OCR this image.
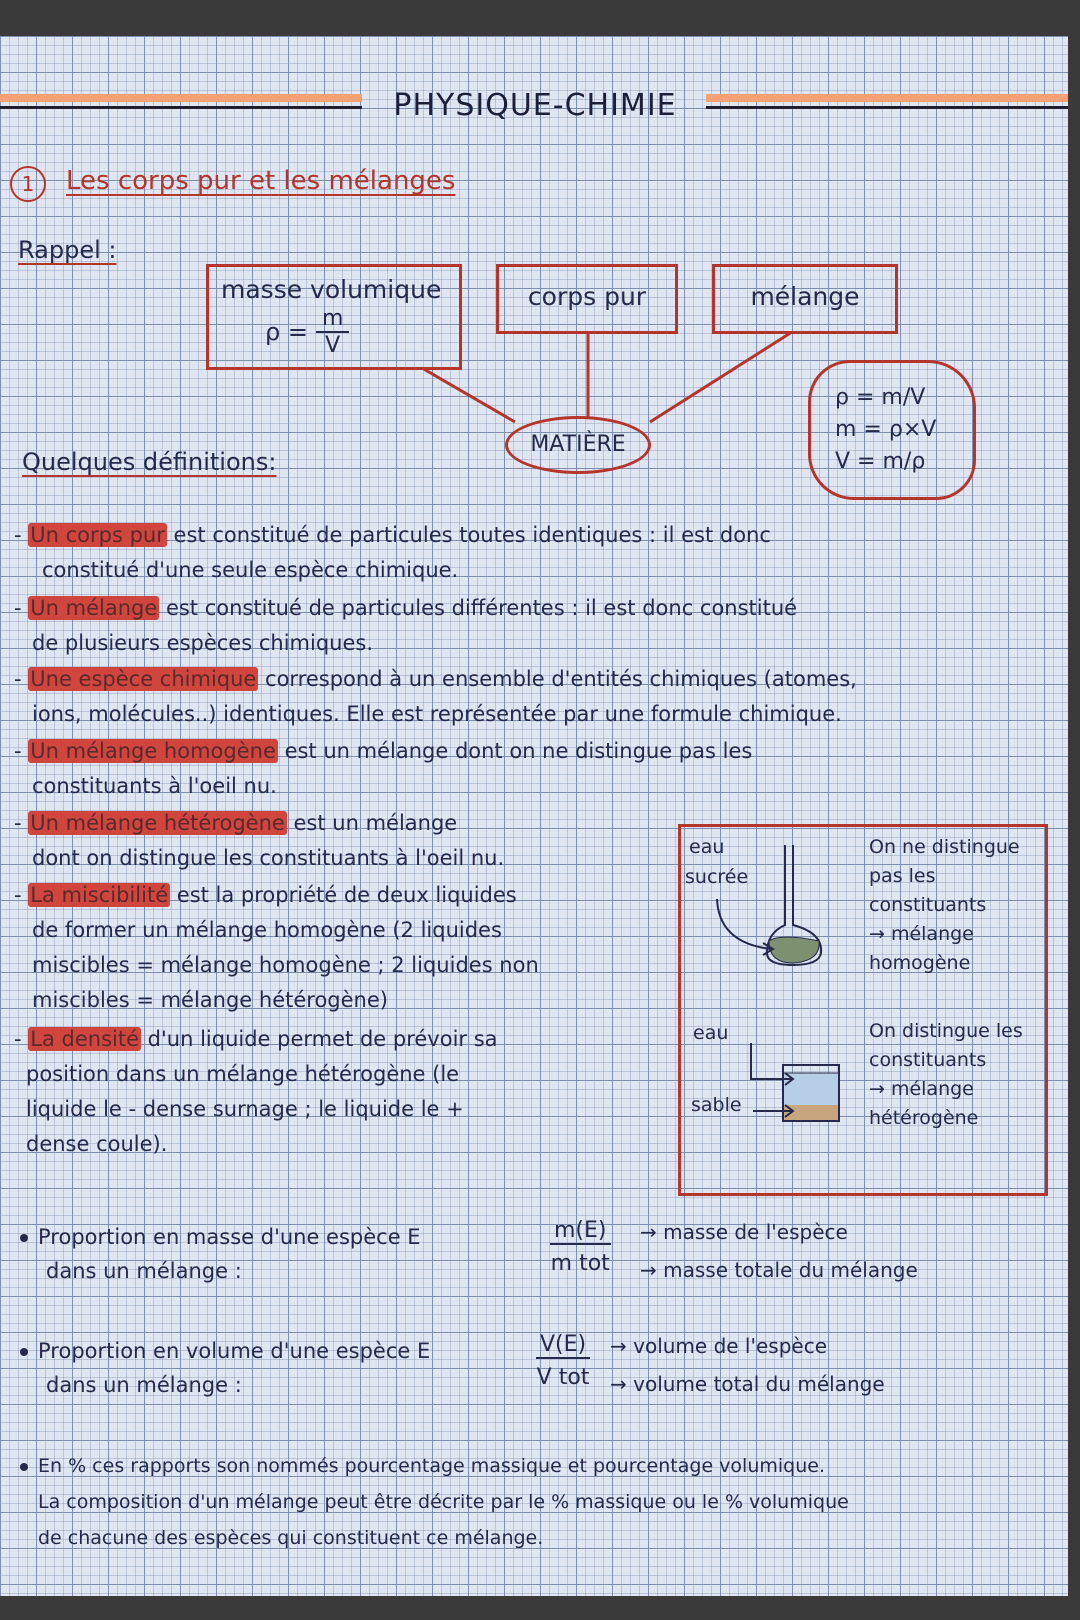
PHYSIQUE-CHIMIE
1	Les corps pur et les mélanges
Rappel :
masse volumique
$\rho = \frac{m}{V}$
corps pur	mélange
MATIÈRE
ρ = m/V
m = ρ×V
V = m/ρ
Quelques définitions:
- Un corps pur est constitué de particules toutes identiques : il est donc
constitué d'une seule espèce chimique.
- Un mélange est constitué de particules différentes : il est donc constitué
de plusieurs espèces chimiques.
- Une espèce chimique correspond à un ensemble d'entités chimiques (atomes,
ions, molécules..) identiques. Elle est représentée par une formule chimique.
- Un mélange homogène est un mélange dont on ne distingue pas les
constituants à l'oeil nu.
- Un mélange hétérogène est un mélange
dont on distingue les constituants à l'oeil nu.
- La miscibilité est la propriété de deux liquides
de former un mélange homogène (2 liquides
miscibles = mélange homogène ; 2 liquides non
miscibles = mélange hétérogène)
- La densité d'un liquide permet de prévoir sa
position dans un mélange hétérogène (le
liquide le - dense surnage ; le liquide le +
dense coule).
eau
sucrée
On ne distingue
pas les constituants
→ mélange
homogène
eau
sable
On distingue les
constituants
→ mélange
hétérogène
Proportion en masse d'une espèce E
dans un mélange :
m(E)
m tot
→ masse de l'espèce
→ masse totale du mélange
Proportion en volume d'une espèce E
dans un mélange :
V(E)
V tot
→ volume de l'espèce
→ volume total du mélange
En % ces rapports son nommés pourcentage massique et pourcentage volumique.
La composition d'un mélange peut être décrite par le % massique ou le % volumique
de chacune des espèces qui constituent ce mélange.
